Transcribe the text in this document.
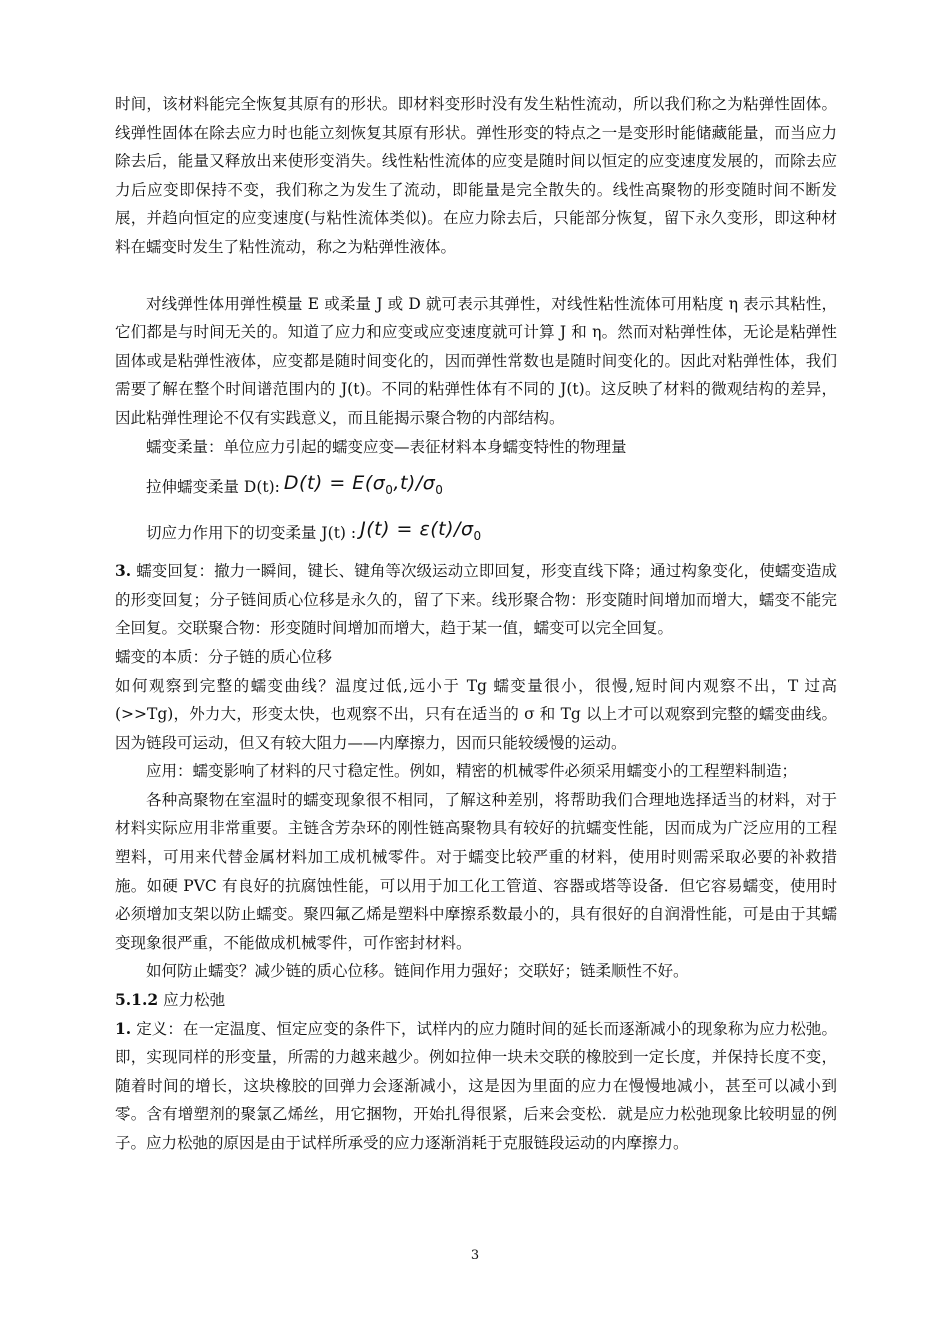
时间，该材料能完全恢复其原有的形状。即材料变形时没有发生粘性流动，所以我们称之为粘弹性固体。线弹性固体在除去应力时也能立刻恢复其原有形状。弹性形变的特点之一是变形时能储藏能量，而当应力除去后，能量又释放出来使形变消失。线性粘性流体的应变是随时间以恒定的应变速度发展的，而除去应力后应变即保持不变，我们称之为发生了流动，即能量是完全散失的。线性高聚物的形变随时间不断发展，并趋向恒定的应变速度(与粘性流体类似)。在应力除去后，只能部分恢复，留下永久变形，即这种材料在蠕变时发生了粘性流动，称之为粘弹性液体。

对线弹性体用弹性模量 E 或柔量 J 或 D 就可表示其弹性，对线性粘性流体可用粘度 η 表示其粘性，它们都是与时间无关的。知道了应力和应变或应变速度就可计算 J 和 η。然而对粘弹性体，无论是粘弹性固体或是粘弹性液体，应变都是随时间变化的，因而弹性常数也是随时间变化的。因此对粘弹性体，我们需要了解在整个时间谱范围内的 J(t)。不同的粘弹性体有不同的 J(t)。这反映了材料的微观结构的差异，因此粘弹性理论不仅有实践意义，而且能揭示聚合物的内部结构。

蠕变柔量：单位应力引起的蠕变应变—表征材料本身蠕变特性的物理量

拉伸蠕变柔量 D(t): $D(t) = E(\sigma_0,t)/\sigma_0$
切应力作用下的切变柔量 J(t) : $J(t) = \varepsilon(t)/\sigma_0$

3. 蠕变回复：撤力一瞬间，键长、键角等次级运动立即回复，形变直线下降；通过构象变化，使蠕变造成的形变回复；分子链间质心位移是永久的，留了下来。线形聚合物：形变随时间增加而增大，蠕变不能完全回复。交联聚合物：形变随时间增加而增大，趋于某一值，蠕变可以完全回复。

蠕变的本质：分子链的质心位移

如何观察到完整的蠕变曲线？温度过低,远小于 Tg 蠕变量很小，很慢,短时间内观察不出，T 过高(>>Tg)，外力大，形变太快，也观察不出，只有在适当的 σ 和 Tg 以上才可以观察到完整的蠕变曲线。因为链段可运动，但又有较大阻力——内摩擦力，因而只能较缓慢的运动。

应用：蠕变影响了材料的尺寸稳定性。例如，精密的机械零件必须采用蠕变小的工程塑料制造；

各种高聚物在室温时的蠕变现象很不相同，了解这种差别，将帮助我们合理地选择适当的材料，对于材料实际应用非常重要。主链含芳杂环的刚性链高聚物具有较好的抗蠕变性能，因而成为广泛应用的工程塑料，可用来代替金属材料加工成机械零件。对于蠕变比较严重的材料，使用时则需采取必要的补救措施。如硬 PVC 有良好的抗腐蚀性能，可以用于加工化工管道、容器或塔等设备．但它容易蠕变，使用时必须增加支架以防止蠕变。聚四氟乙烯是塑料中摩擦系数最小的，具有很好的自润滑性能，可是由于其蠕变现象很严重，不能做成机械零件，可作密封材料。

如何防止蠕变？减少链的质心位移。链间作用力强好；交联好；链柔顺性不好。

5.1.2 应力松弛

1. 定义：在一定温度、恒定应变的条件下，试样内的应力随时间的延长而逐渐减小的现象称为应力松弛。即，实现同样的形变量，所需的力越来越少。例如拉伸一块未交联的橡胶到一定长度，并保持长度不变，随着时间的增长，这块橡胶的回弹力会逐渐减小，这是因为里面的应力在慢慢地减小，甚至可以减小到零。含有增塑剂的聚氯乙烯丝，用它捆物，开始扎得很紧，后来会变松．就是应力松弛现象比较明显的例子。应力松弛的原因是由于试样所承受的应力逐渐消耗于克服链段运动的内摩擦力。

3
